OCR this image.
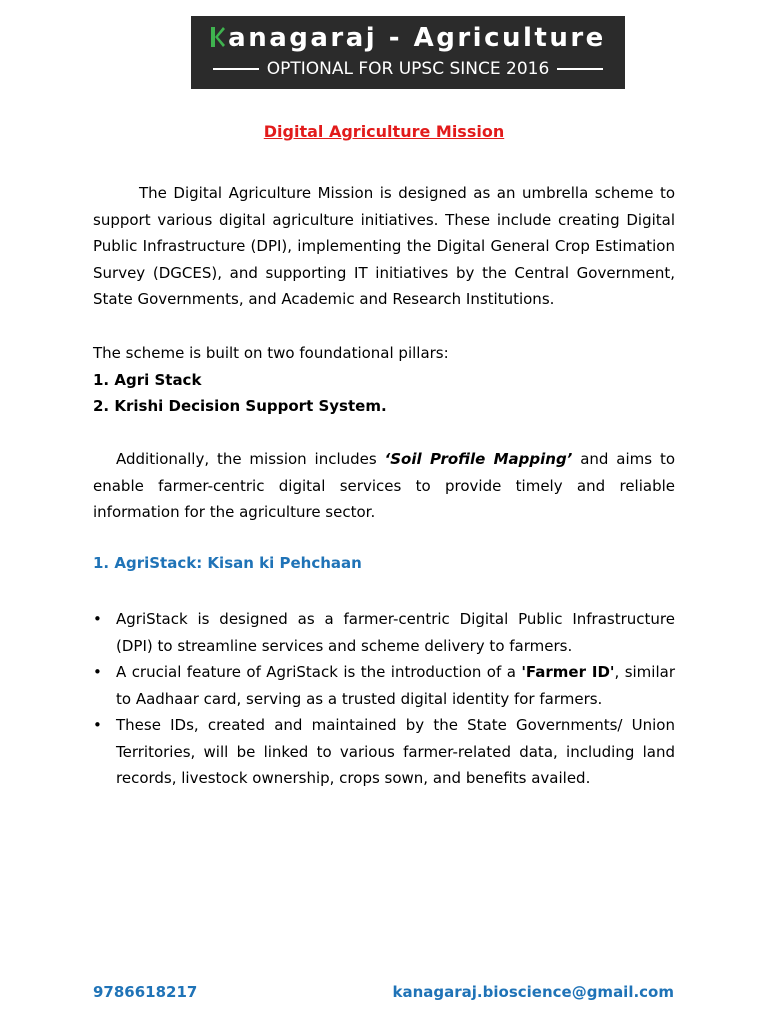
anagaraj - Agriculture
OPTIONAL FOR UPSC SINCE 2016
Digital Agriculture Mission
The Digital Agriculture Mission is designed as an umbrella scheme to support various digital agriculture initiatives. These include creating Digital Public Infrastructure (DPI), implementing the Digital General Crop Estimation Survey (DGCES), and supporting IT initiatives by the Central Government, State Governments, and Academic and Research Institutions.
The scheme is built on two foundational pillars:
1. Agri Stack
2. Krishi Decision Support System.
Additionally, the mission includes ‘Soil Profile Mapping’ and aims to enable farmer-centric digital services to provide timely and reliable information for the agriculture sector.
1. AgriStack: Kisan ki Pehchaan
• AgriStack is designed as a farmer-centric Digital Public Infrastructure (DPI) to streamline services and scheme delivery to farmers.
• A crucial feature of AgriStack is the introduction of a 'Farmer ID', similar to Aadhaar card, serving as a trusted digital identity for farmers.
• These IDs, created and maintained by the State Governments/ Union Territories, will be linked to various farmer-related data, including land records, livestock ownership, crops sown, and benefits availed.
9786618217	kanagaraj.bioscience@gmail.com
